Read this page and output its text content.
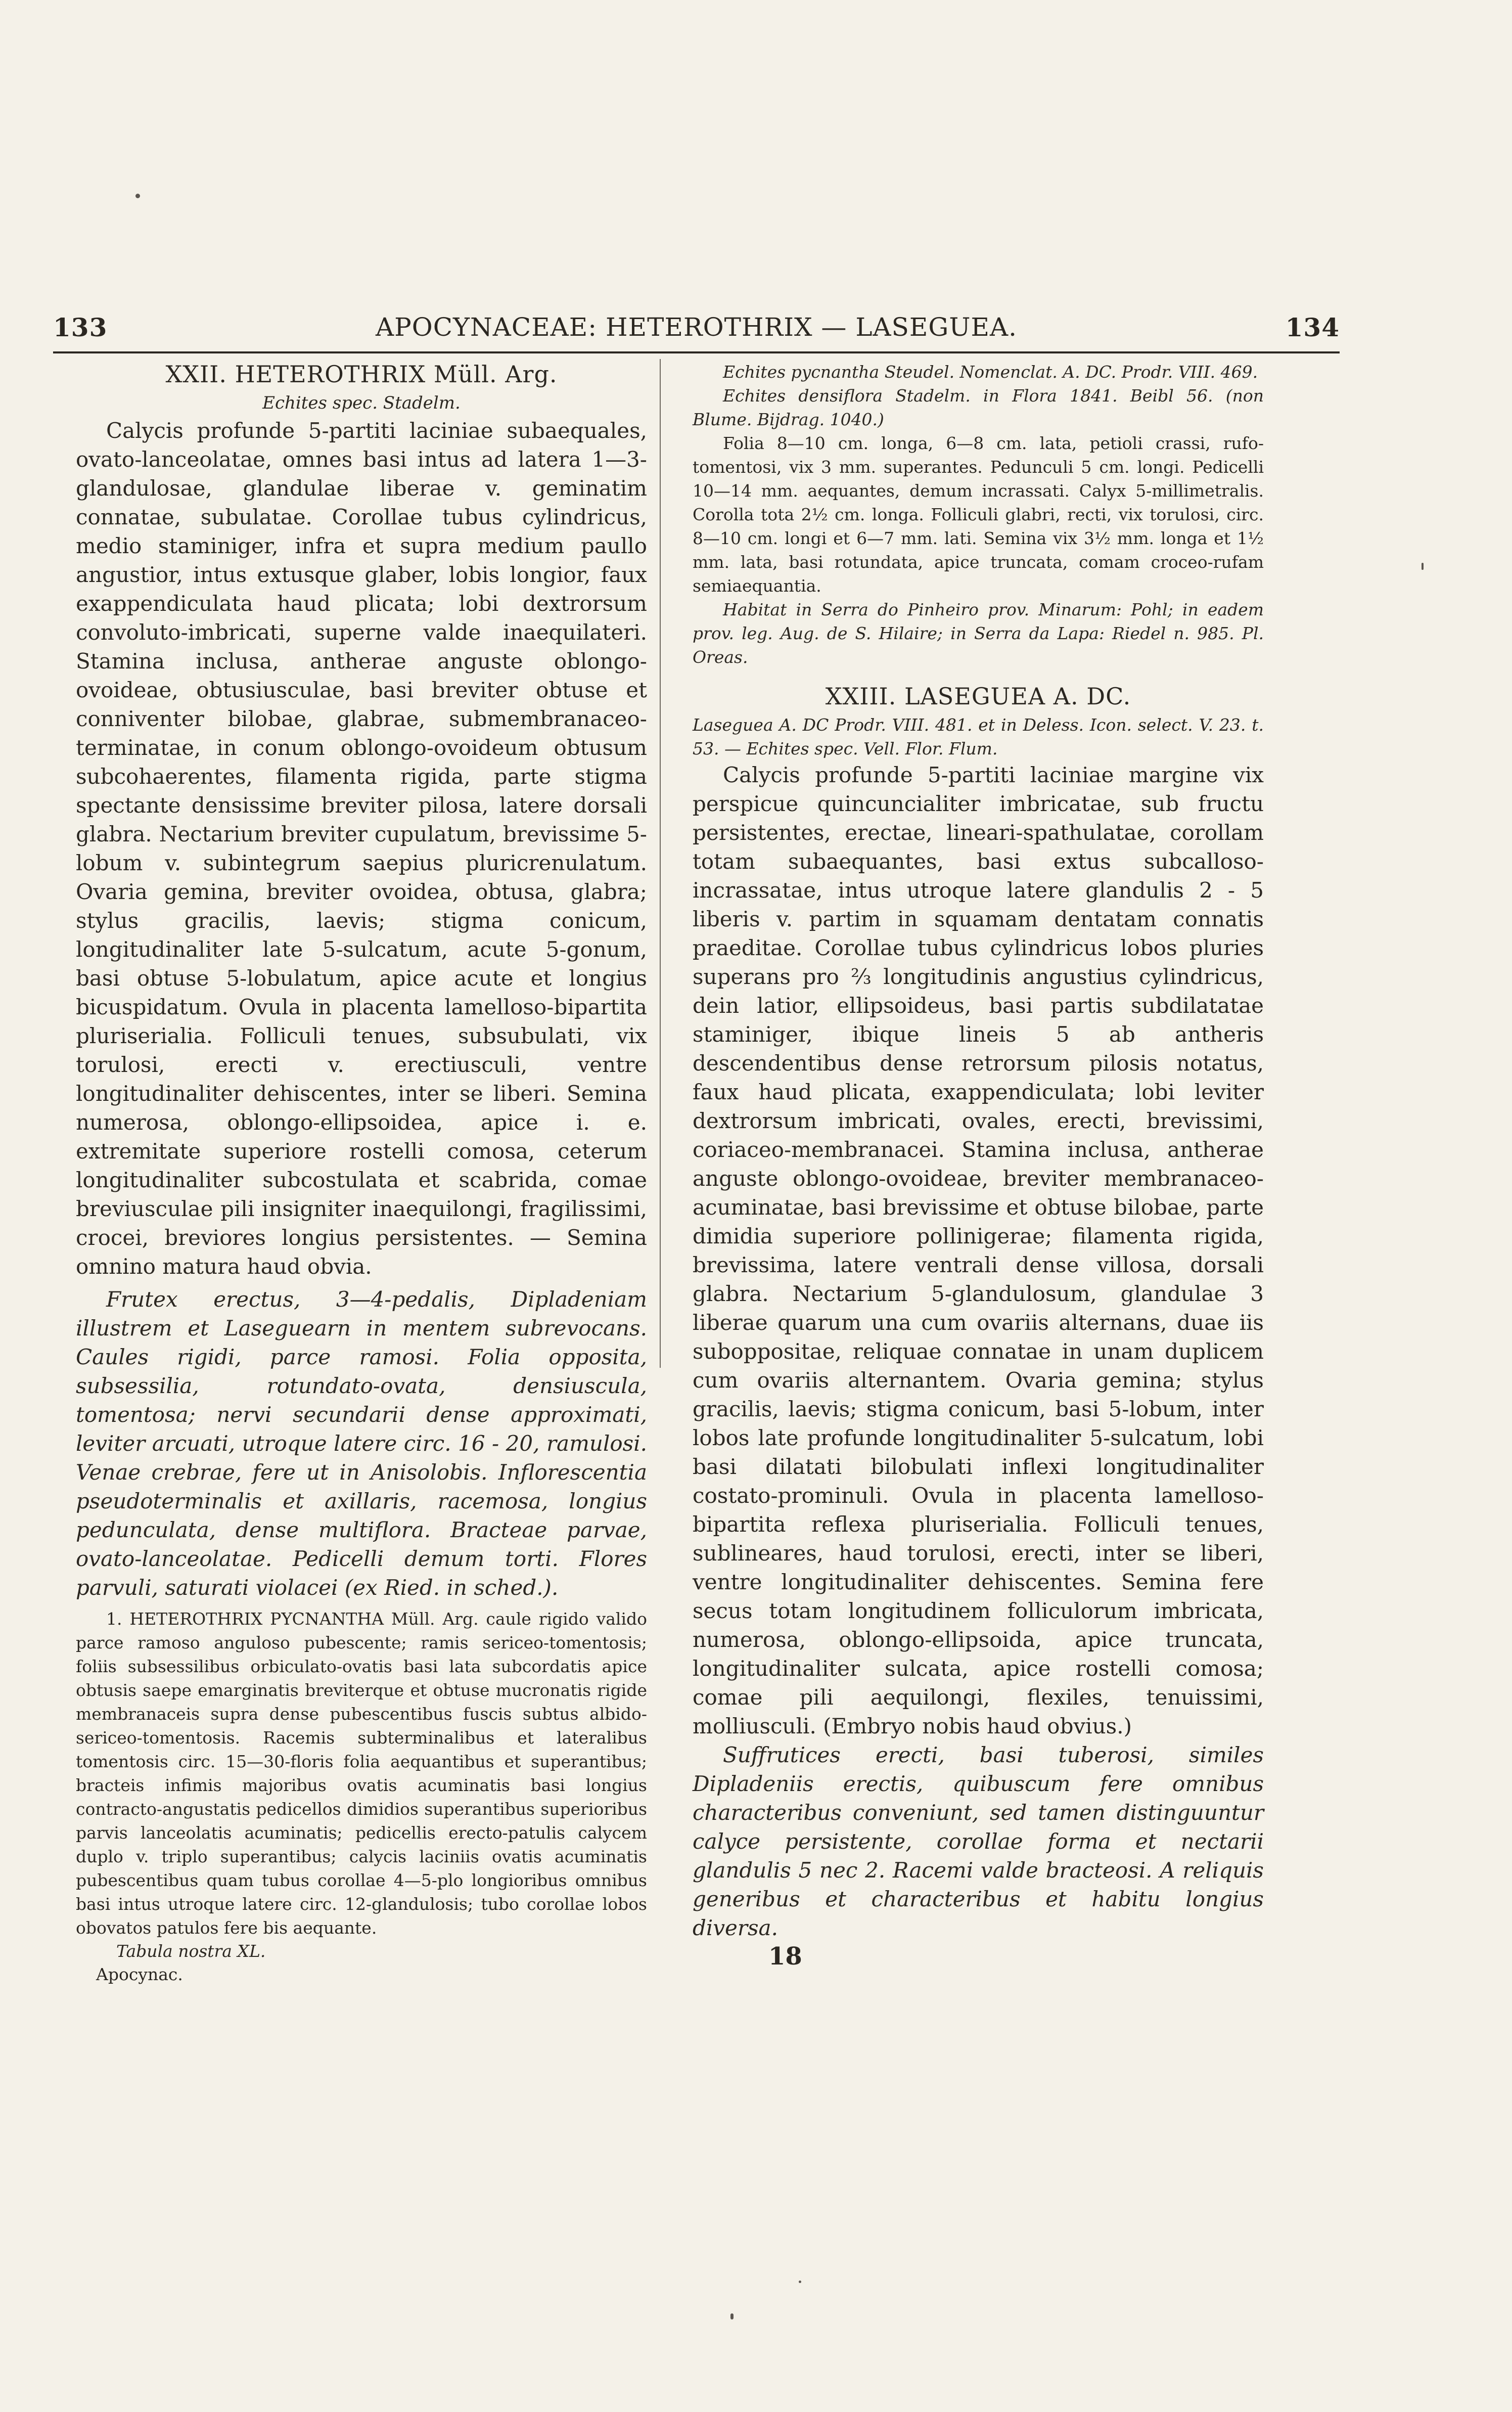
133	APOCYNACEAE: HETEROTHRIX — LASEGUEA.	134
XXII. HETEROTHRIX Müll. Arg.
Echites spec. Stadelm.

Calycis profunde 5-partiti laciniae subaequales, ovato-lanceolatae, omnes basi intus ad latera 1—3-glandulosae, glandulae liberae v. geminatim connatae, subulatae. Corollae tubus cylindricus, medio staminiger, infra et supra medium paullo angustior, intus extusque glaber, lobis longior, faux exappendiculata haud plicata; lobi dextrorsum convoluto-imbricati, superne valde inaequilateri. Stamina inclusa, antherae anguste oblongo-ovoideae, obtusiusculae, basi breviter obtuse et conniventer bilobae, glabrae, submembranaceo-terminatae, in conum oblongo-ovoideum obtusum subcohaerentes, filamenta rigida, parte stigma spectante densissime breviter pilosa, latere dorsali glabra. Nectarium breviter cupulatum, brevissime 5-lobum v. subintegrum saepius pluricrenulatum. Ovaria gemina, breviter ovoidea, obtusa, glabra; stylus gracilis, laevis; stigma conicum, longitudinaliter late 5-sulcatum, acute 5-gonum, basi obtuse 5-lobulatum, apice acute et longius bicuspidatum. Ovula in placenta lamelloso-bipartita pluriserialia. Folliculi tenues, subsubulati, vix torulosi, erecti v. erectiusculi, ventre longitudinaliter dehiscentes, inter se liberi. Semina numerosa, oblongo-ellipsoidea, apice i. e. extremitate superiore rostelli comosa, ceterum longitudinaliter subcostulata et scabrida, comae breviusculae pili insigniter inaequilongi, fragilissimi, crocei, breviores longius persistentes. — Semina omnino matura haud obvia.

Frutex erectus, 3—4-pedalis, Dipladeniam illustrem et Laseguearn in mentem subrevocans. Caules rigidi, parce ramosi. Folia opposita, subsessilia, rotundato-ovata, densiuscula, tomentosa; nervi secundarii dense approximati, leviter arcuati, utroque latere circ. 16 - 20, ramulosi. Venae crebrae, fere ut in Anisolobis. Inflorescentia pseudoterminalis et axillaris, racemosa, longius pedunculata, dense multiflora. Bracteae parvae, ovato-lanceolatae. Pedicelli demum torti. Flores parvuli, saturati violacei (ex Ried. in sched.).

1. HETEROTHRIX PYCNANTHA Müll. Arg. caule rigido valido parce ramoso anguloso pubescente; ramis sericeo-tomentosis; foliis subsessilibus orbiculato-ovatis basi lata subcordatis apice obtusis saepe emarginatis breviterque et obtuse mucronatis rigide membranaceis supra dense pubescentibus fuscis subtus albido-sericeo-tomentosis. Racemis subterminalibus et lateralibus tomentosis circ. 15—30-floris folia aequantibus et superantibus; bracteis infimis majoribus ovatis acuminatis basi longius contracto-angustatis pedicellos dimidios superantibus superioribus parvis lanceolatis acuminatis; pedicellis erecto-patulis calycem duplo v. triplo superantibus; calycis laciniis ovatis acuminatis pubescentibus quam tubus corollae 4—5-plo longioribus omnibus basi intus utroque latere circ. 12-glandulosis; tubo corollae lobos obovatos patulos fere bis aequante.

Tabula nostra XL.
Apocynac.

Echites pycnantha Steudel. Nomenclat. A. DC. Prodr. VIII. 469.

Echites densiflora Stadelm. in Flora 1841. Beibl 56. (non Blume. Bijdrag. 1040.)

Folia 8—10 cm. longa, 6—8 cm. lata, petioli crassi, rufo-tomentosi, vix 3 mm. superantes. Pedunculi 5 cm. longi. Pedicelli 10—14 mm. aequantes, demum incrassati. Calyx 5-millimetralis. Corolla tota 2½ cm. longa. Folliculi glabri, recti, vix torulosi, circ. 8—10 cm. longi et 6—7 mm. lati. Semina vix 3½ mm. longa et 1½ mm. lata, basi rotundata, apice truncata, comam croceo-rufam semiaequantia.

Habitat in Serra do Pinheiro prov. Minarum: Pohl; in eadem prov. leg. Aug. de S. Hilaire; in Serra da Lapa: Riedel n. 985. Pl. Oreas.

XXIII. LASEGUEA A. DC.

Laseguea A. DC Prodr. VIII. 481. et in Deless. Icon. select. V. 23. t. 53. — Echites spec. Vell. Flor. Flum.

Calycis profunde 5-partiti laciniae margine vix perspicue quincuncialiter imbricatae, sub fructu persistentes, erectae, lineari-spathulatae, corollam totam subaequantes, basi extus subcalloso-incrassatae, intus utroque latere glandulis 2 - 5 liberis v. partim in squamam dentatam connatis praeditae. Corollae tubus cylindricus lobos pluries superans pro ⅔ longitudinis angustius cylindricus, dein latior, ellipsoideus, basi partis subdilatatae staminiger, ibique lineis 5 ab antheris descendentibus dense retrorsum pilosis notatus, faux haud plicata, exappendiculata; lobi leviter dextrorsum imbricati, ovales, erecti, brevissimi, coriaceo-membranacei. Stamina inclusa, antherae anguste oblongo-ovoideae, breviter membranaceo-acuminatae, basi brevissime et obtuse bilobae, parte dimidia superiore pollinigerae; filamenta rigida, brevissima, latere ventrali dense villosa, dorsali glabra. Nectarium 5-glandulosum, glandulae 3 liberae quarum una cum ovariis alternans, duae iis suboppositae, reliquae connatae in unam duplicem cum ovariis alternantem. Ovaria gemina; stylus gracilis, laevis; stigma conicum, basi 5-lobum, inter lobos late profunde longitudinaliter 5-sulcatum, lobi basi dilatati bilobulati inflexi longitudinaliter costato-prominuli. Ovula in placenta lamelloso-bipartita reflexa pluriserialia. Folliculi tenues, sublineares, haud torulosi, erecti, inter se liberi, ventre longitudinaliter dehiscentes. Semina fere secus totam longitudinem folliculorum imbricata, numerosa, oblongo-ellipsoida, apice truncata, longitudinaliter sulcata, apice rostelli comosa; comae pili aequilongi, flexiles, tenuissimi, molliusculi. (Embryo nobis haud obvius.)

Suffrutices erecti, basi tuberosi, similes Dipladeniis erectis, quibuscum fere omnibus characteribus conveniunt, sed tamen distinguuntur calyce persistente, corollae forma et nectarii glandulis 5 nec 2. Racemi valde bracteosi. A reliquis generibus et characteribus et habitu longius diversa.

18
